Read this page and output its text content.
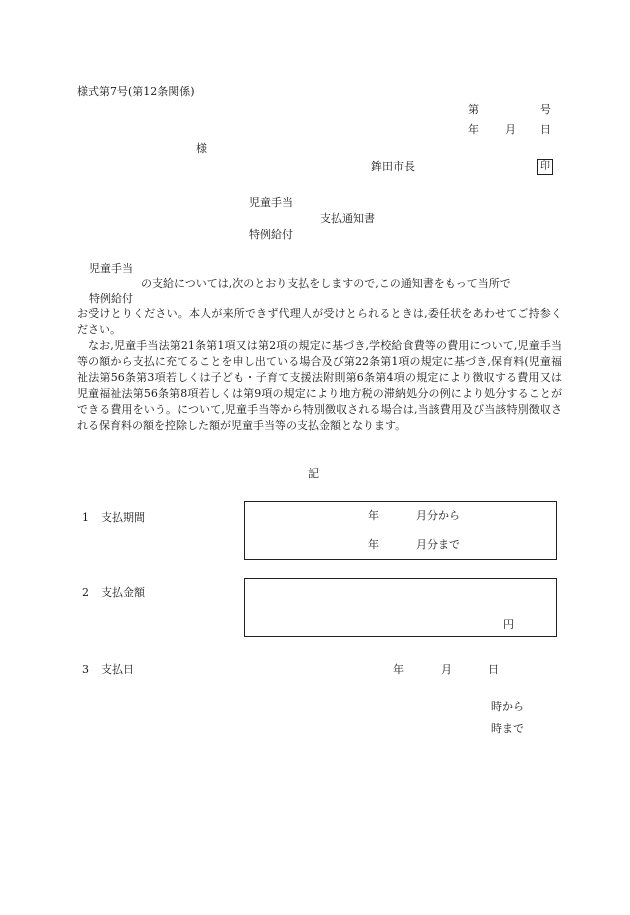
様式第7号(第12条関係)
第	号
年 月 日
様
鉾田市長	印
児童手当
支払通知書
特例給付
児童手当
の支給については,次のとおり支払をしますので,この通知書をもって当所で
特例給付
お受けとりください。本人が来所できず代理人が受けとられるときは,委任状をあわせてご持参ください。
なお,児童手当法第21条第1項又は第2項の規定に基づき,学校給食費等の費用について,児童手当等の額から支払に充てることを申し出ている場合及び第22条第1項の規定に基づき,保育料(児童福祉法第56条第3項若しくは子ども・子育て支援法附則第6条第4項の規定により徴収する費用又は児童福祉法第56条第8項若しくは第9項の規定により地方税の滞納処分の例により処分することができる費用をいう。について,児童手当等から特別徴収される場合は,当該費用及び当該特別徴収される保育料の額を控除した額が児童手当等の支払金額となります。
記
1 支払期間	年	月分から
年	月分まで
2 支払金額
円
3 支払日	年	月	日
時から
時まで
